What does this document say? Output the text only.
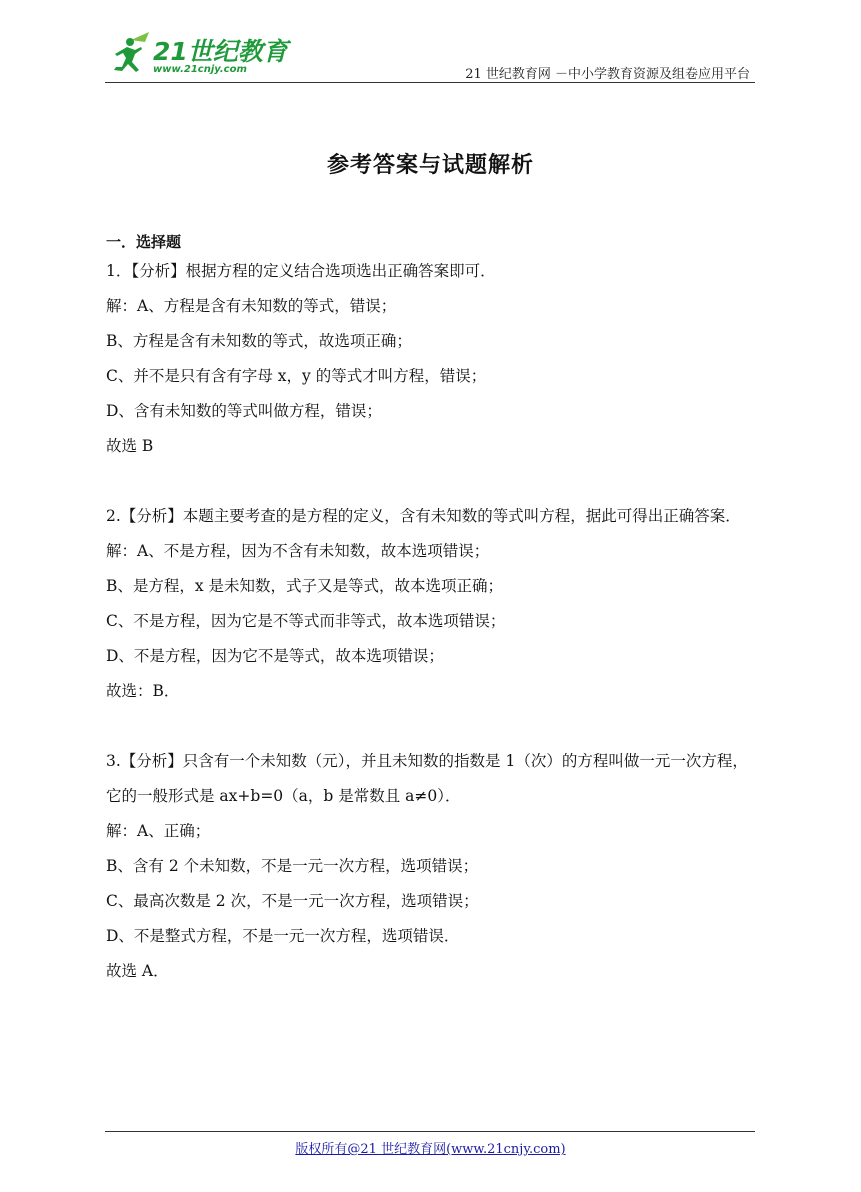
21世纪教育
www.21cnjy.com	21 世纪教育网 －中小学教育资源及组卷应用平台
参考答案与试题解析
一．选择题
1．【分析】根据方程的定义结合选项选出正确答案即可．
解：A、方程是含有未知数的等式，错误；
B、方程是含有未知数的等式，故选项正确；
C、并不是只有含有字母 x，y 的等式才叫方程，错误；
D、含有未知数的等式叫做方程，错误；
故选 B
2.【分析】本题主要考查的是方程的定义，含有未知数的等式叫方程，据此可得出正确答案．
解：A、不是方程，因为不含有未知数，故本选项错误；
B、是方程，x 是未知数，式子又是等式，故本选项正确；
C、不是方程，因为它是不等式而非等式，故本选项错误；
D、不是方程，因为它不是等式，故本选项错误；
故选：B．
3.【分析】只含有一个未知数（元），并且未知数的指数是 1（次）的方程叫做一元一次方程，它的一般形式是 ax+b=0（a，b 是常数且 a≠0）．
解：A、正确；
B、含有 2 个未知数，不是一元一次方程，选项错误；
C、最高次数是 2 次，不是一元一次方程，选项错误；
D、不是整式方程，不是一元一次方程，选项错误．
故选 A．
版权所有@21 世纪教育网(www.21cnjy.com)
